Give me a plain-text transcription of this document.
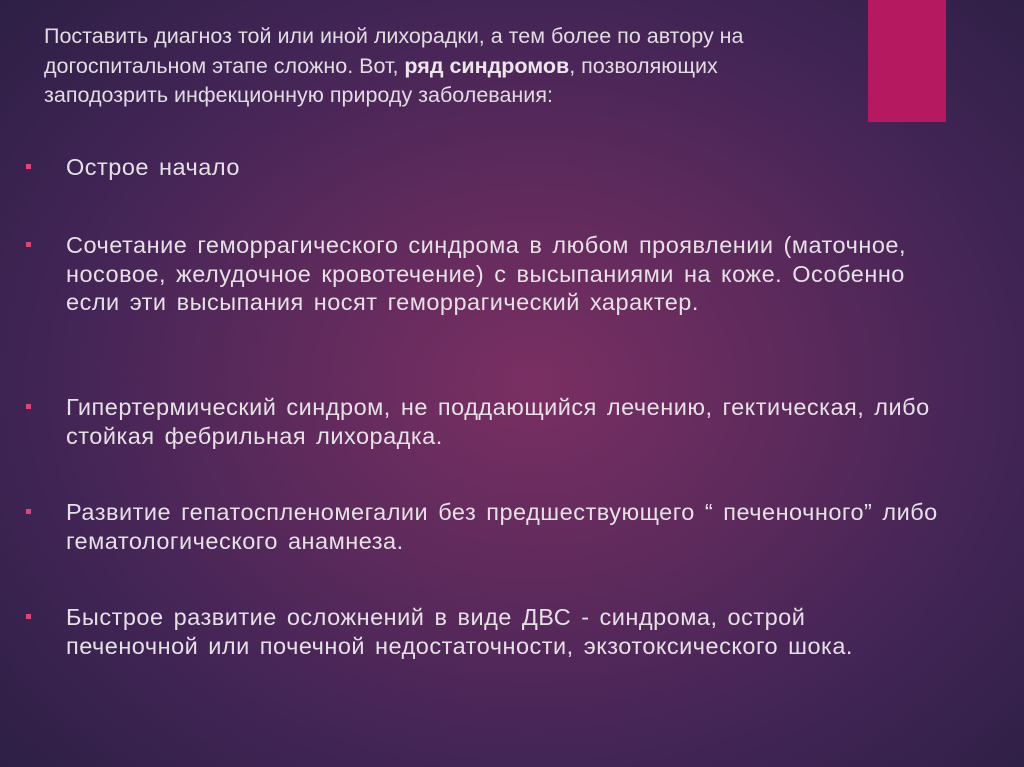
Поставить диагноз той или иной лихорадки, а тем более по автору на догоспитальном этапе сложно. Вот, ряд синдромов, позволяющих заподозрить инфекционную природу заболевания:

Острое начало
Сочетание геморрагического синдрома в любом проявлении (маточное, носовое, желудочное кровотечение) с высыпаниями на коже. Особенно если эти высыпания носят геморрагический характер.
Гипертермический синдром, не поддающийся лечению, гектическая, либо стойкая фебрильная лихорадка.
Развитие гепатоспленомегалии без предшествующего “ печеночного” либо гематологического анамнеза.
Быстрое развитие осложнений в виде ДВС - синдрома, острой печеночной или почечной недостаточности, экзотоксического шока.
